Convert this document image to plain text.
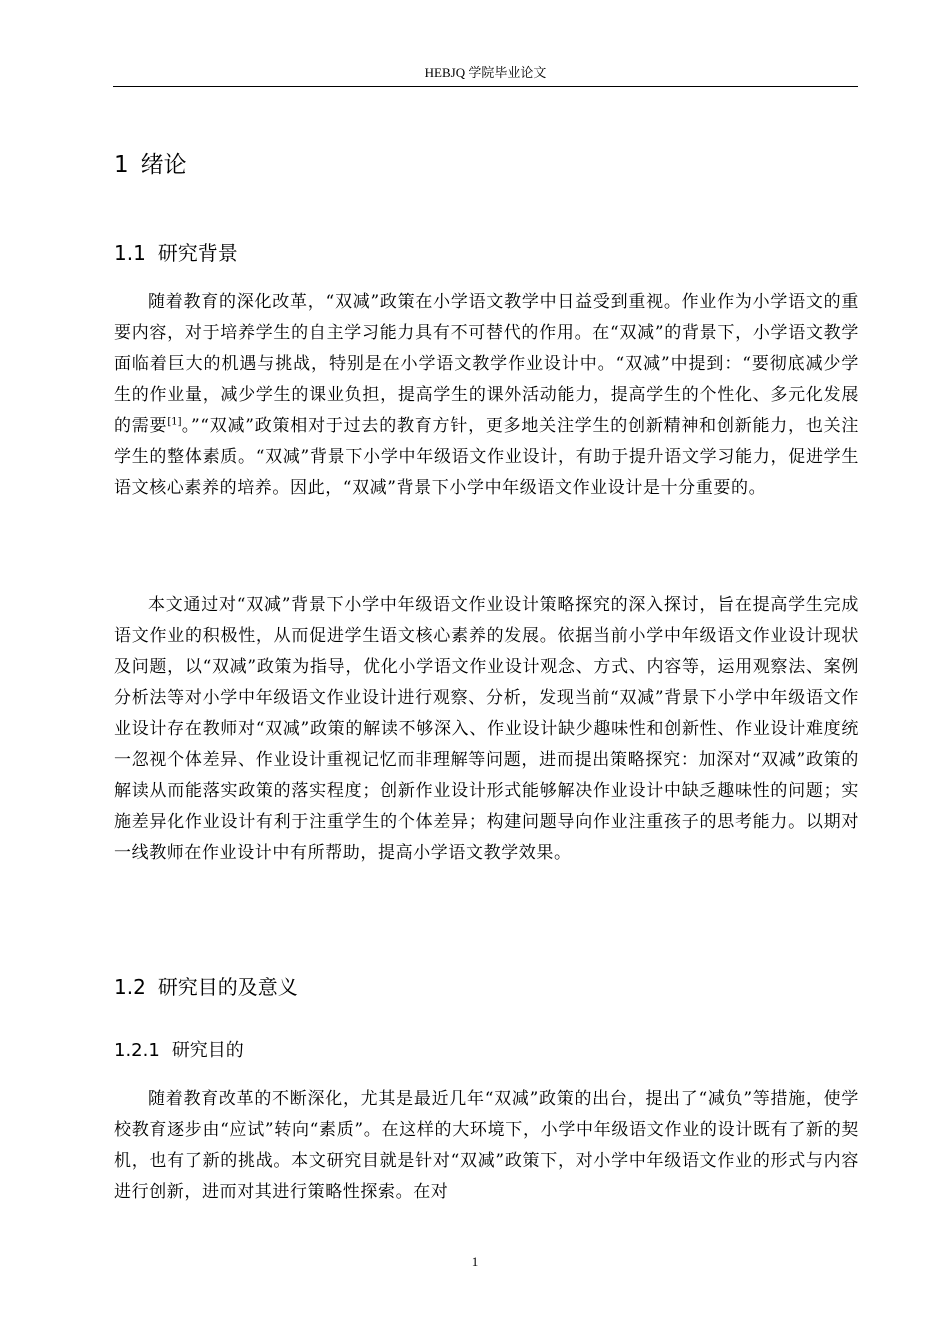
HEBJQ 学院毕业论文
1 绪论
1.1 研究背景

随着教育的深化改革，“双减”政策在小学语文教学中日益受到重视。作业作为小学语文的重要内容，对于培养学生的自主学习能力具有不可替代的作用。在“双减”的背景下，小学语文教学面临着巨大的机遇与挑战，特别是在小学语文教学作业设计中。“双减”中提到：“要彻底减少学生的作业量，减少学生的课业负担，提高学生的课外活动能力，提高学生的个性化、多元化发展的需要[1]。”“双减”政策相对于过去的教育方针，更多地关注学生的创新精神和创新能力，也关注学生的整体素质。“双减”背景下小学中年级语文作业设计，有助于提升语文学习能力，促进学生语文核心素养的培养。因此，“双减”背景下小学中年级语文作业设计是十分重要的。

本文通过对“双减”背景下小学中年级语文作业设计策略探究的深入探讨，旨在提高学生完成语文作业的积极性，从而促进学生语文核心素养的发展。依据当前小学中年级语文作业设计现状及问题，以“双减”政策为指导，优化小学语文作业设计观念、方式、内容等，运用观察法、案例分析法等对小学中年级语文作业设计进行观察、分析，发现当前“双减”背景下小学中年级语文作业设计存在教师对“双减”政策的解读不够深入、作业设计缺少趣味性和创新性、作业设计难度统一忽视个体差异、作业设计重视记忆而非理解等问题，进而提出策略探究：加深对“双减”政策的解读从而能落实政策的落实程度；创新作业设计形式能够解决作业设计中缺乏趣味性的问题；实施差异化作业设计有利于注重学生的个体差异；构建问题导向作业注重孩子的思考能力。以期对一线教师在作业设计中有所帮助，提高小学语文教学效果。

1.2 研究目的及意义
1.2.1 研究目的

随着教育改革的不断深化，尤其是最近几年“双减”政策的出台，提出了“减负”等措施，使学校教育逐步由“应试”转向“素质”。在这样的大环境下，小学中年级语文作业的设计既有了新的契机，也有了新的挑战。本文研究目就是针对“双减”政策下，对小学中年级语文作业的形式与内容进行创新，进而对其进行策略性探索。在对

1
